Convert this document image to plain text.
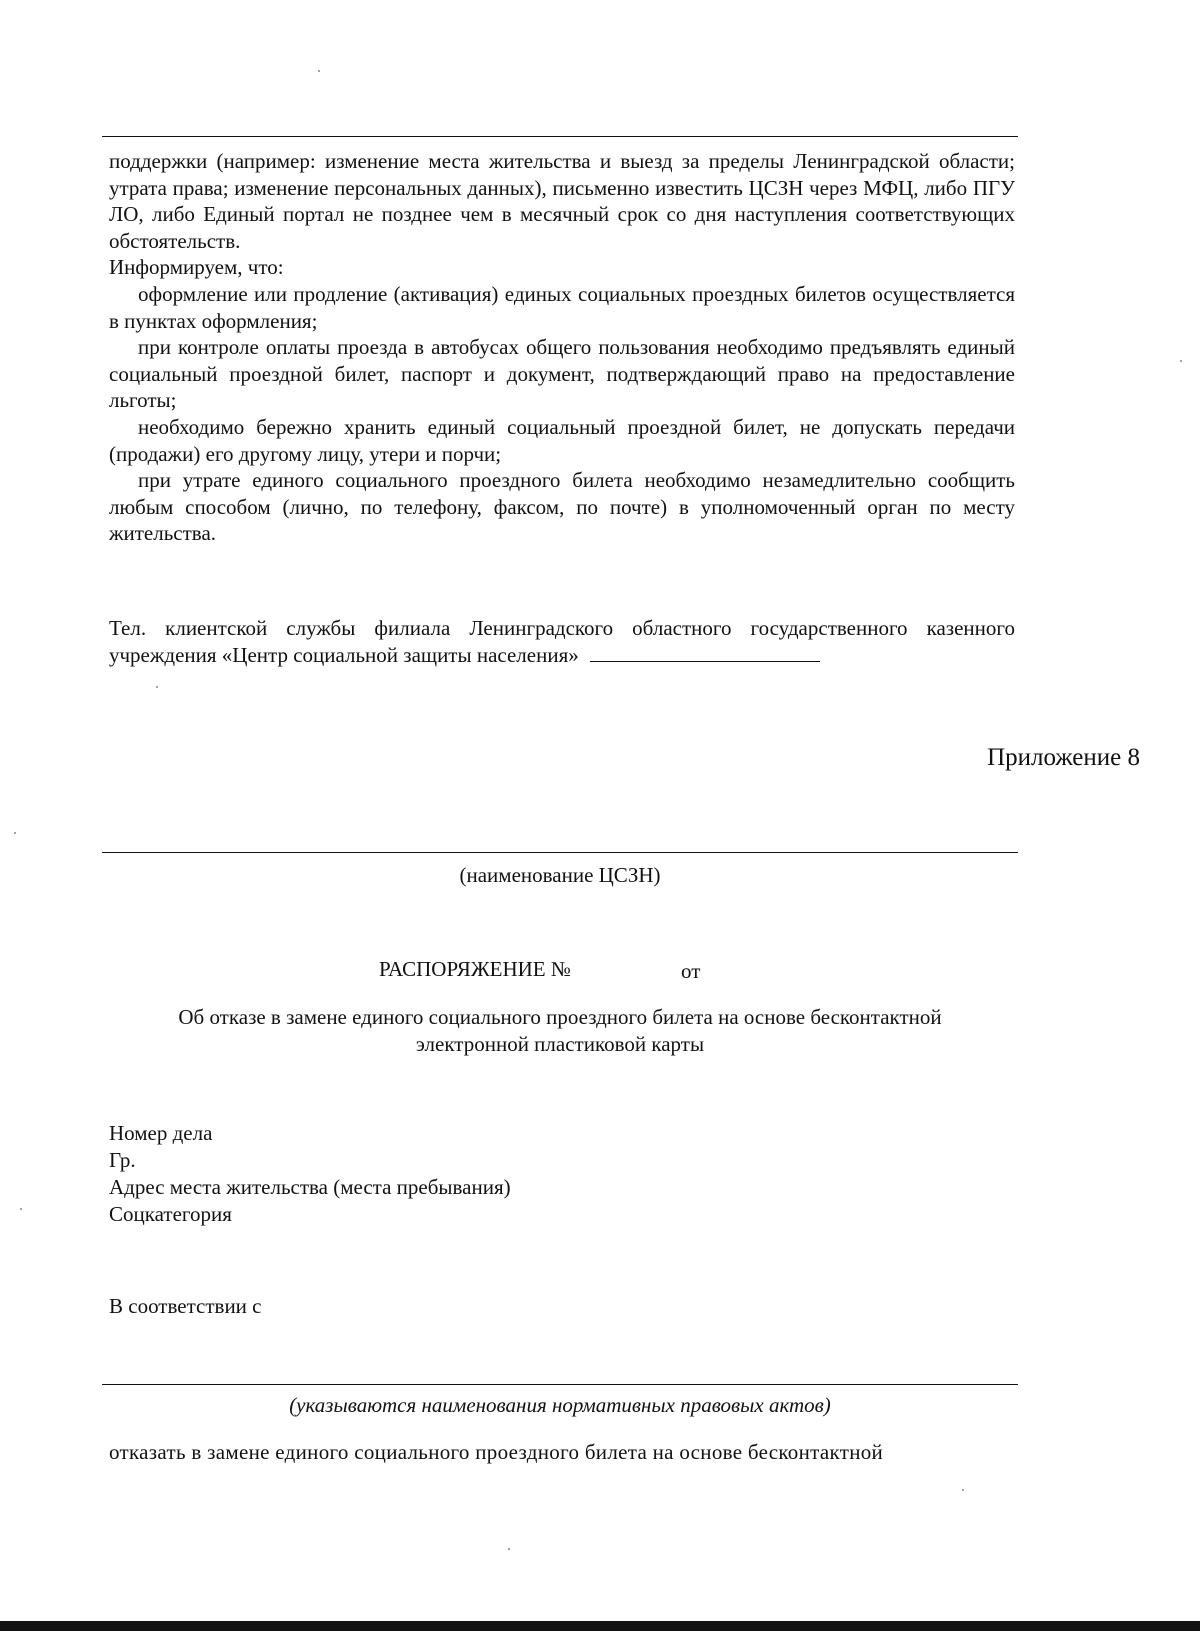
поддержки (например: изменение места жительства и выезд за пределы Ленинградской области; утрата права; изменение персональных данных), письменно известить ЦСЗН через МФЦ, либо ПГУ ЛО, либо Единый портал не позднее чем в месячный срок со дня наступления соответствующих обстоятельств.
Информируем, что:
оформление или продление (активация) единых социальных проездных билетов осуществляется в пунктах оформления;
при контроле оплаты проезда в автобусах общего пользования необходимо предъявлять единый социальный проездной билет, паспорт и документ, подтверждающий право на предоставление льготы;
необходимо бережно хранить единый социальный проездной билет, не допускать передачи (продажи) его другому лицу, утери и порчи;
при утрате единого социального проездного билета необходимо незамедлительно сообщить любым способом (лично, по телефону, факсом, по почте) в уполномоченный орган по месту жительства.
Тел. клиентской службы филиала Ленинградского областного государственного казенного учреждения «Центр социальной защиты населения»
Приложение 8
(наименование ЦСЗН)
РАСПОРЯЖЕНИЕ №	от
Об отказе в замене единого социального проездного билета на основе бесконтактной
электронной пластиковой карты
Номер дела
Гр.
Адрес места жительства (места пребывания)
Соцкатегория
В соответствии с
(указываются наименования нормативных правовых актов)
отказать в замене единого социального проездного билета на основе бесконтактной
